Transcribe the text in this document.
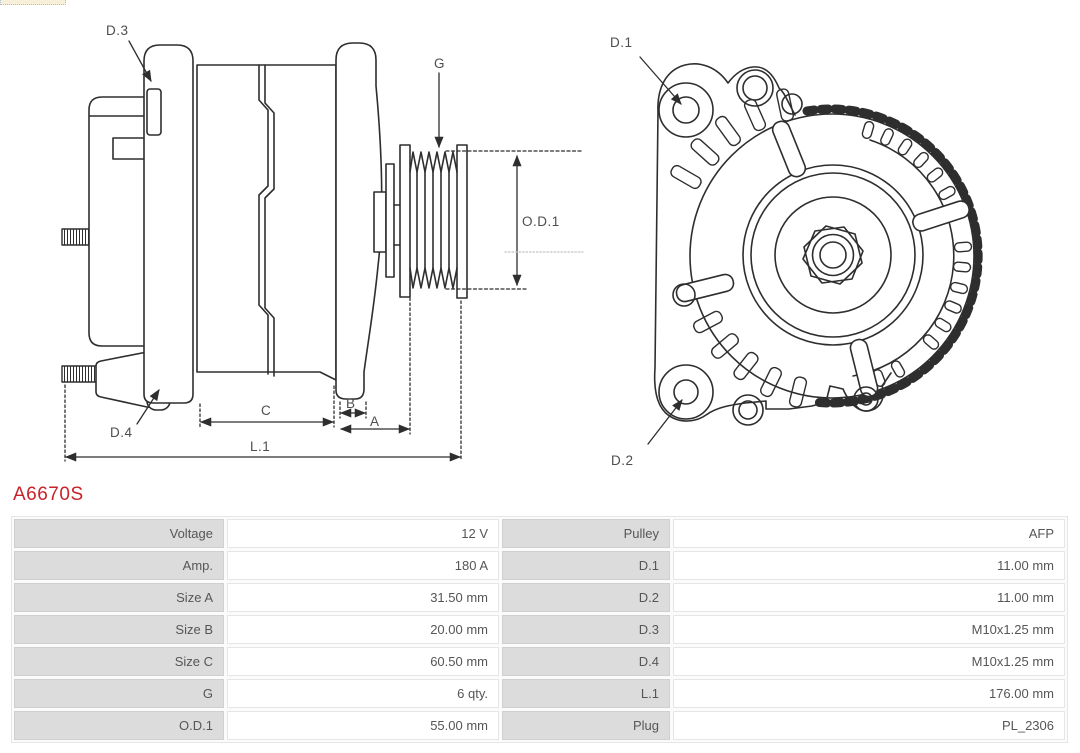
D.3
G
O.D.1
D.4
C	B
A
L.1
D.1
D.2
A6670S
Voltage	12 V	Pulley	AFP
Amp.	180 A	D.1	11.00 mm
Size A	31.50 mm	D.2	11.00 mm
Size B	20.00 mm	D.3	M10x1.25 mm
Size C	60.50 mm	D.4	M10x1.25 mm
G	6 qty.	L.1	176.00 mm
O.D.1	55.00 mm	Plug	PL_2306
